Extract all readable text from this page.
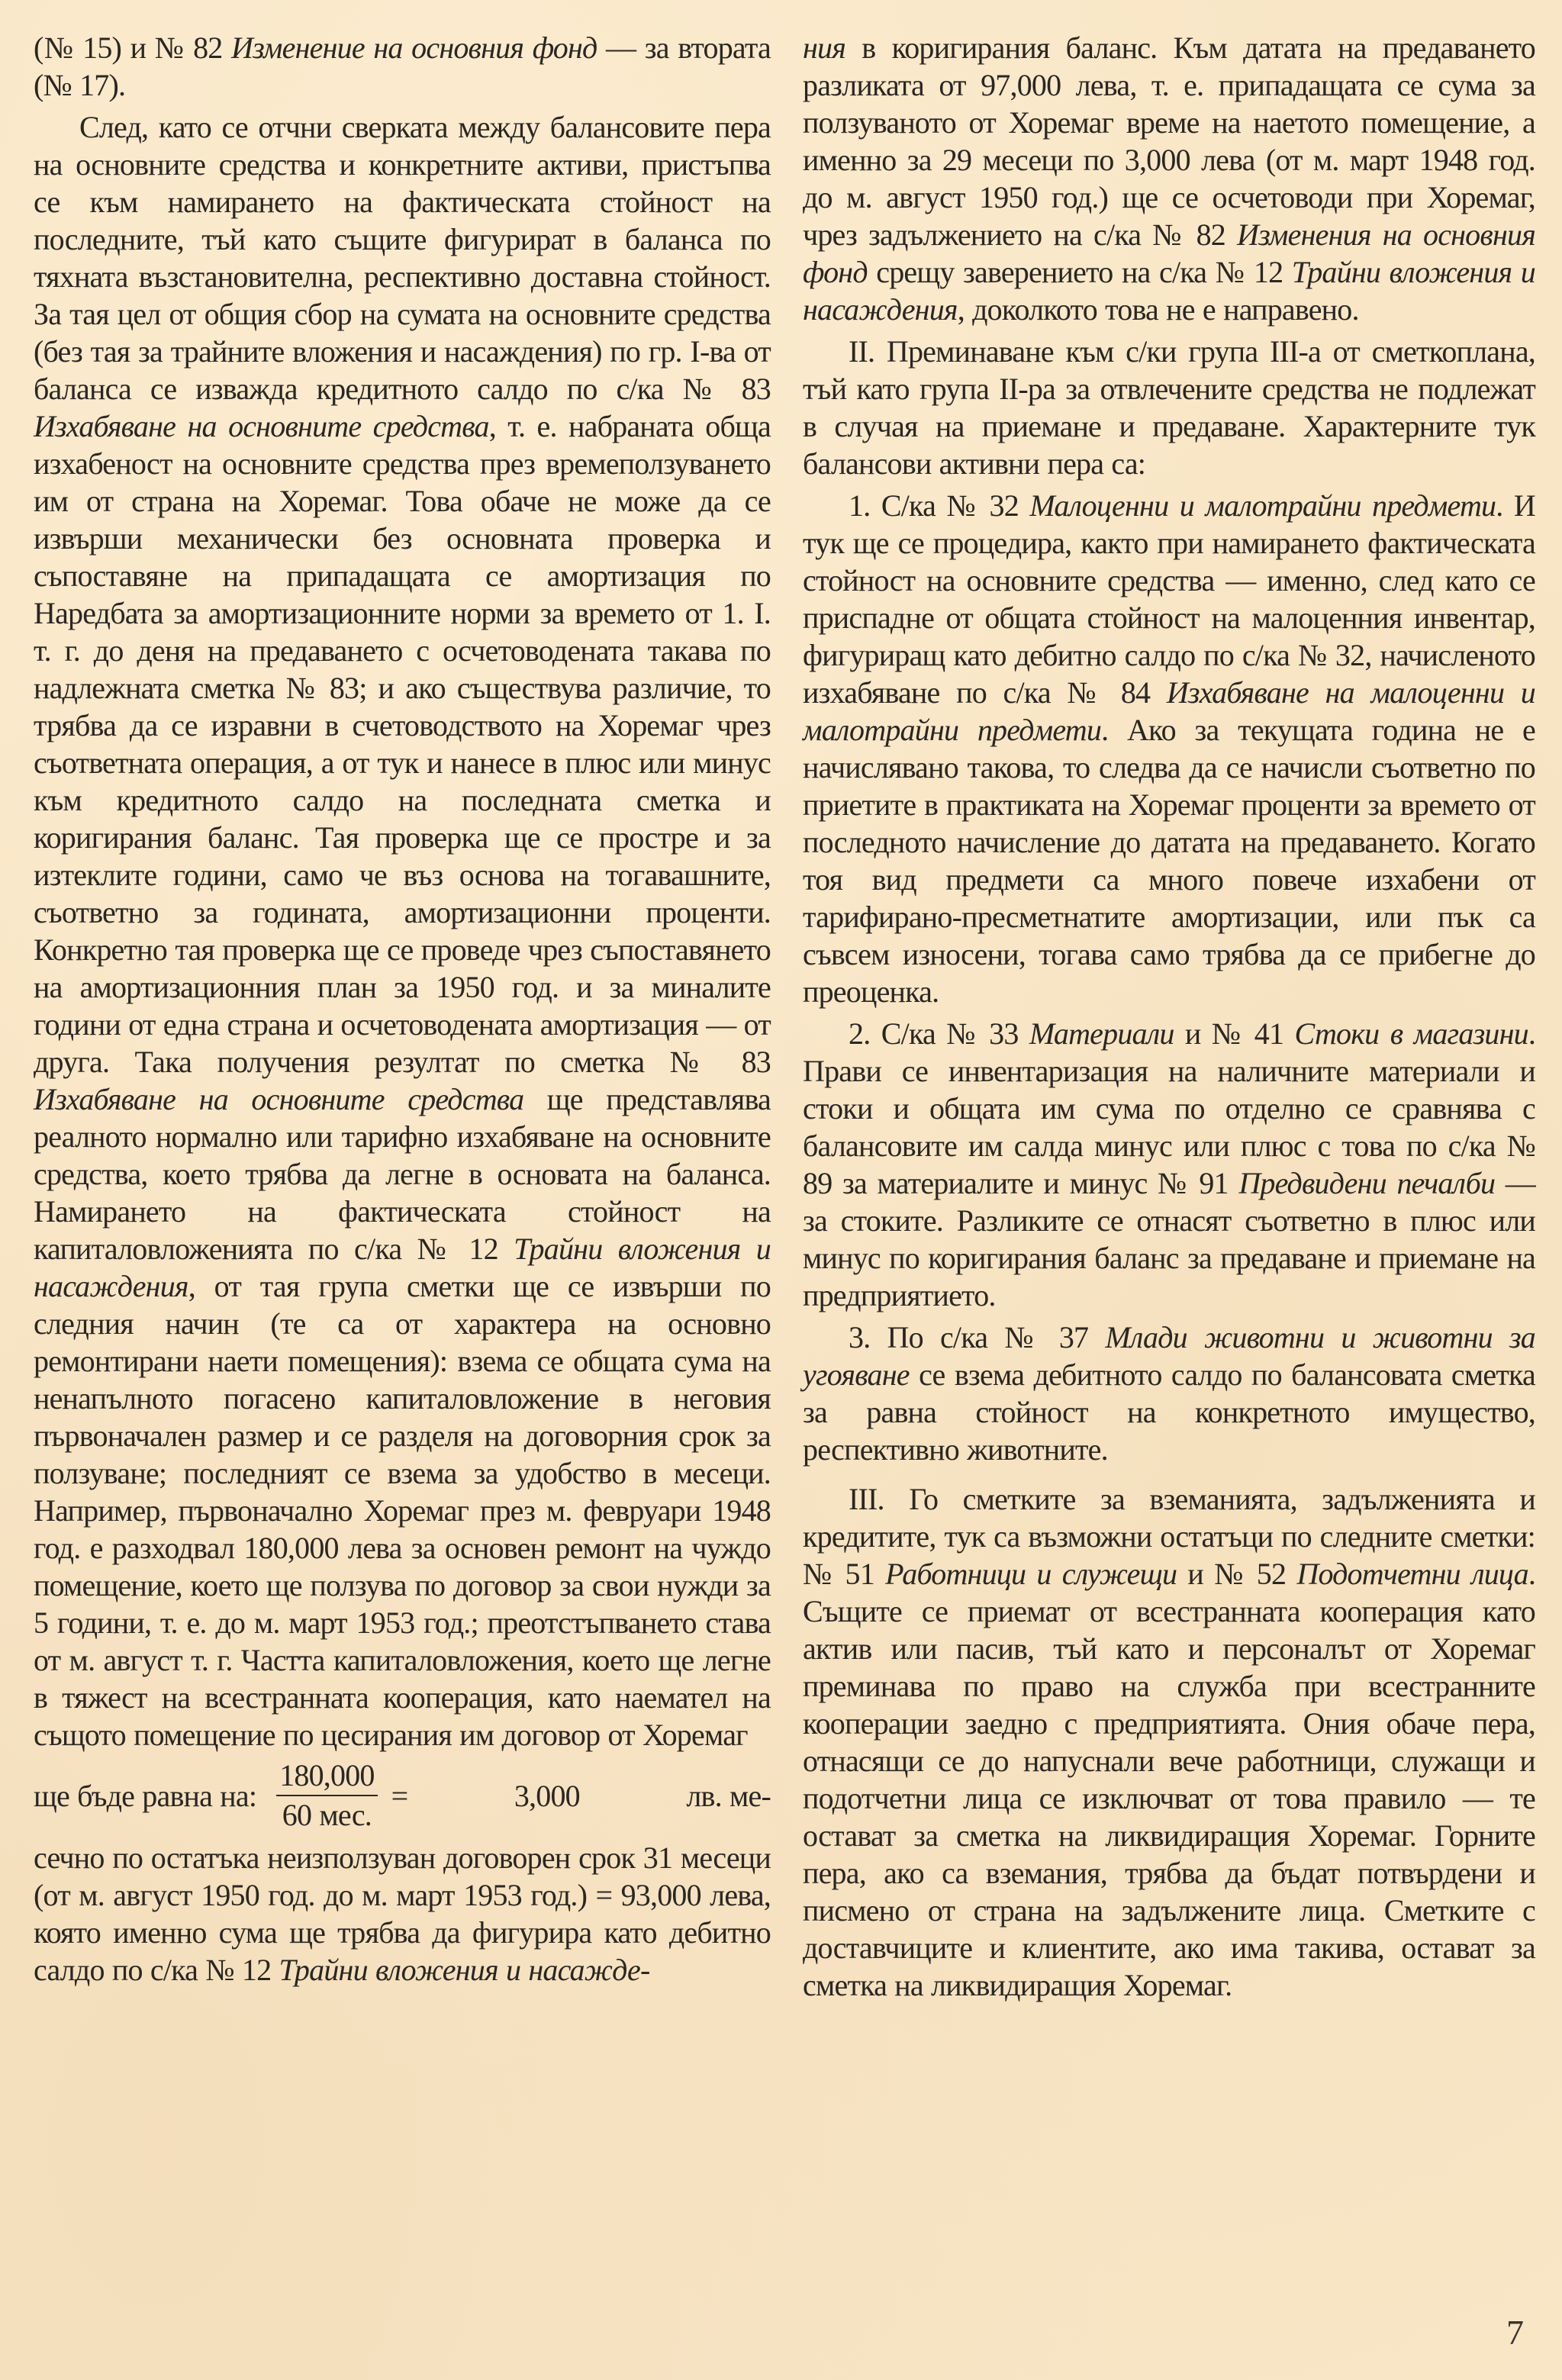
(№ 15) и № 82 Изменение на основния фонд — за втората (№ 17).

След, като се отчни сверката между балансовите пера на основните средства и конкретните активи, пристъпва се към намирането на фактическата стойност на последните, тъй като същите фигурират в баланса по тяхната възстановителна, респективно доставна стойност. За тая цел от общия сбор на сумата на основните средства (без тая за трайните вложения и насаждения) по гр. I-ва от баланса се изважда кредитното салдо по с/ка № 83 Изхабяване на основните средства, т. е. набраната обща изхабеност на основните средства през времеползуването им от страна на Хоремаг. Това обаче не може да се извърши механически без основната проверка и съпоставяне на припадащата се амортизация по Наредбата за амортизационните норми за времето от 1. I. т. г. до деня на предаването с осчетоводената такава по надлежната сметка № 83; и ако съществува различие, то трябва да се изравни в счетоводството на Хоремаг чрез съответната операция, а от тук и нанесе в плюс или минус към кредитното салдо на последната сметка и коригирания баланс. Тая проверка ще се простре и за изтеклите години, само че въз основа на тогавашните, съответно за годината, амортизационни проценти. Конкретно тая проверка ще се проведе чрез съпоставянето на амортизационния план за 1950 год. и за миналите години от една страна и осчетоводената амортизация — от друга. Така получения резултат по сметка № 83 Изхабяване на основните средства ще представлява реалното нормално или тарифно изхабяване на основните средства, което трябва да легне в основата на баланса. Намирането на фактическата стойност на капиталовложенията по с/ка № 12 Трайни вложения и насаждения, от тая група сметки ще се извърши по следния начин (те са от характера на основно ремонтирани наети помещения): взема се общата сума на ненапълното погасено капиталовложение в неговия първоначален размер и се разделя на договорния срок за ползуване; последният се взема за удобство в месеци. Например, първоначално Хоремаг през м. февруари 1948 год. е разходвал 180,000 лева за основен ремонт на чуждо помещение, което ще ползува по договор за свои нужди за 5 години, т. е. до м. март 1953 год.; преотстъпването става от м. август т. г. Частта капиталовложения, което ще легне в тяжест на всестранната кооперация, като наемател на същото помещение по цесирания им договор от Хоремаг

ще бъде равна на: $\frac{180,000}{\text{60 мес.}}$ =	3,000	лв. ме-

сечно по остатъка неизползуван договорен срок 31 месеци (от м. август 1950 год. до м. март 1953 год.) = 93,000 лева, която именно сума ще трябва да фигурира като дебитно салдо по с/ка № 12 Трайни вложения и насажде-

ния в коригирания баланс. Към датата на предаването разликата от 97,000 лева, т. е. припадащата се сума за ползуваното от Хоремаг време на наетото помещение, а именно за 29 месеци по 3,000 лева (от м. март 1948 год. до м. август 1950 год.) ще се осчетоводи при Хоремаг, чрез задължението на с/ка № 82 Изменения на основния фонд срещу заверението на с/ка № 12 Трайни вложения и насаждения, доколкото това не е направено.

II. Преминаване към с/ки група III-а от сметкоплана, тъй като група II-ра за отвлечените средства не подлежат в случая на приемане и предаване. Характерните тук балансови активни пера са:

1. С/ка № 32 Малоценни и малотрайни предмети. И тук ще се процедира, както при намирането фактическата стойност на основните средства — именно, след като се приспадне от общата стойност на малоценния инвентар, фигуриращ като дебитно салдо по с/ка № 32, начисленото изхабяване по с/ка № 84 Изхабяване на малоценни и малотрайни предмети. Ако за текущата година не е начислявано такова, то следва да се начисли съответно по приетите в практиката на Хоремаг проценти за времето от последното начисление до датата на предаването. Когато тоя вид предмети са много повече изхабени от тарифирано-пресметнатите амортизации, или пък са съвсем износени, тогава само трябва да се прибегне до преоценка.

2. С/ка № 33 Материали и № 41 Стоки в магазини. Прави се инвентаризация на наличните материали и стоки и общата им сума по отделно се сравнява с балансовите им салда минус или плюс с това по с/ка № 89 за материалите и минус № 91 Предвидени печалби — за стоките. Разликите се отнасят съответно в плюс или минус по коригирания баланс за предаване и приемане на предприятието.

3. По с/ка № 37 Млади животни и животни за угояване се взема дебитното салдо по балансовата сметка за равна стойност на конкретното имущество, респективно животните.

III. Го сметките за вземанията, задълженията и кредитите, тук са възможни остатъци по следните сметки: № 51 Работници и служещи и № 52 Подотчетни лица. Същите се приемат от всестранната кооперация като актив или пасив, тъй като и персоналът от Хоремаг преминава по право на служба при всестранните кооперации заедно с предприятията. Ония обаче пера, отнасящи се до напуснали вече работници, служащи и подотчетни лица се изключват от това правило — те остават за сметка на ликвидиращия Хоремаг. Горните пера, ако са вземания, трябва да бъдат потвърдени и писмено от страна на задължените лица. Сметките с доставчиците и клиентите, ако има такива, остават за сметка на ликвидиращия Хоремаг.

7
